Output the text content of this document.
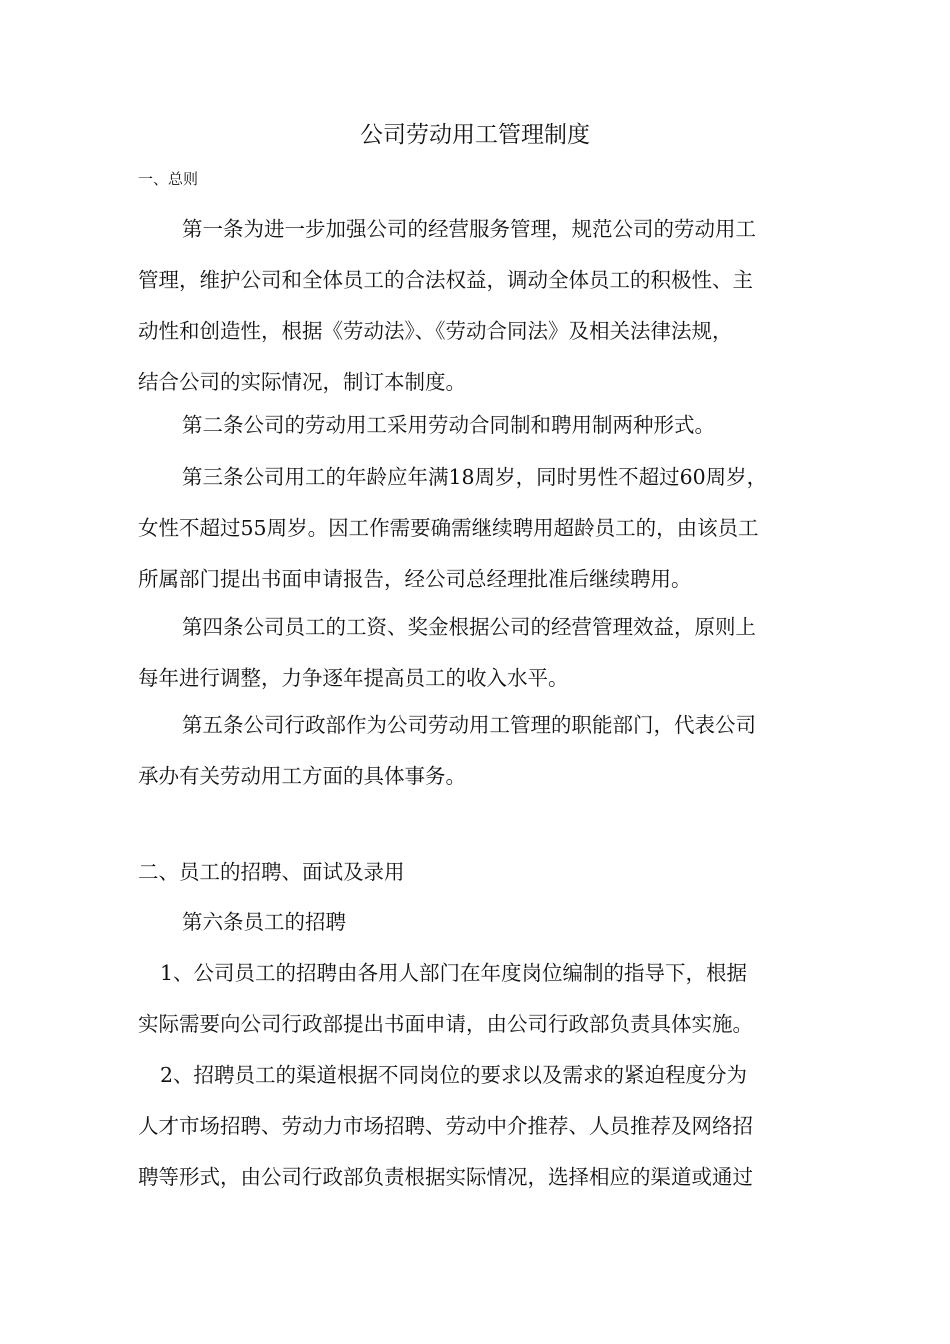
公司劳动用工管理制度
一、总则
第一条为进一步加强公司的经营服务管理，规范公司的劳动用工
管理，维护公司和全体员工的合法权益，调动全体员工的积极性、主
动性和创造性，根据《劳动法》、《劳动合同法》及相关法律法规，
结合公司的实际情况，制订本制度。
第二条公司的劳动用工采用劳动合同制和聘用制两种形式。
第三条公司用工的年龄应年满18周岁，同时男性不超过60周岁，
女性不超过55周岁。因工作需要确需继续聘用超龄员工的，由该员工
所属部门提出书面申请报告，经公司总经理批准后继续聘用。
第四条公司员工的工资、奖金根据公司的经营管理效益，原则上
每年进行调整，力争逐年提高员工的收入水平。
第五条公司行政部作为公司劳动用工管理的职能部门，代表公司
承办有关劳动用工方面的具体事务。
二、员工的招聘、面试及录用
第六条员工的招聘
1、公司员工的招聘由各用人部门在年度岗位编制的指导下，根据
实际需要向公司行政部提出书面申请，由公司行政部负责具体实施。
2、招聘员工的渠道根据不同岗位的要求以及需求的紧迫程度分为
人才市场招聘、劳动力市场招聘、劳动中介推荐、人员推荐及网络招
聘等形式，由公司行政部负责根据实际情况，选择相应的渠道或通过
